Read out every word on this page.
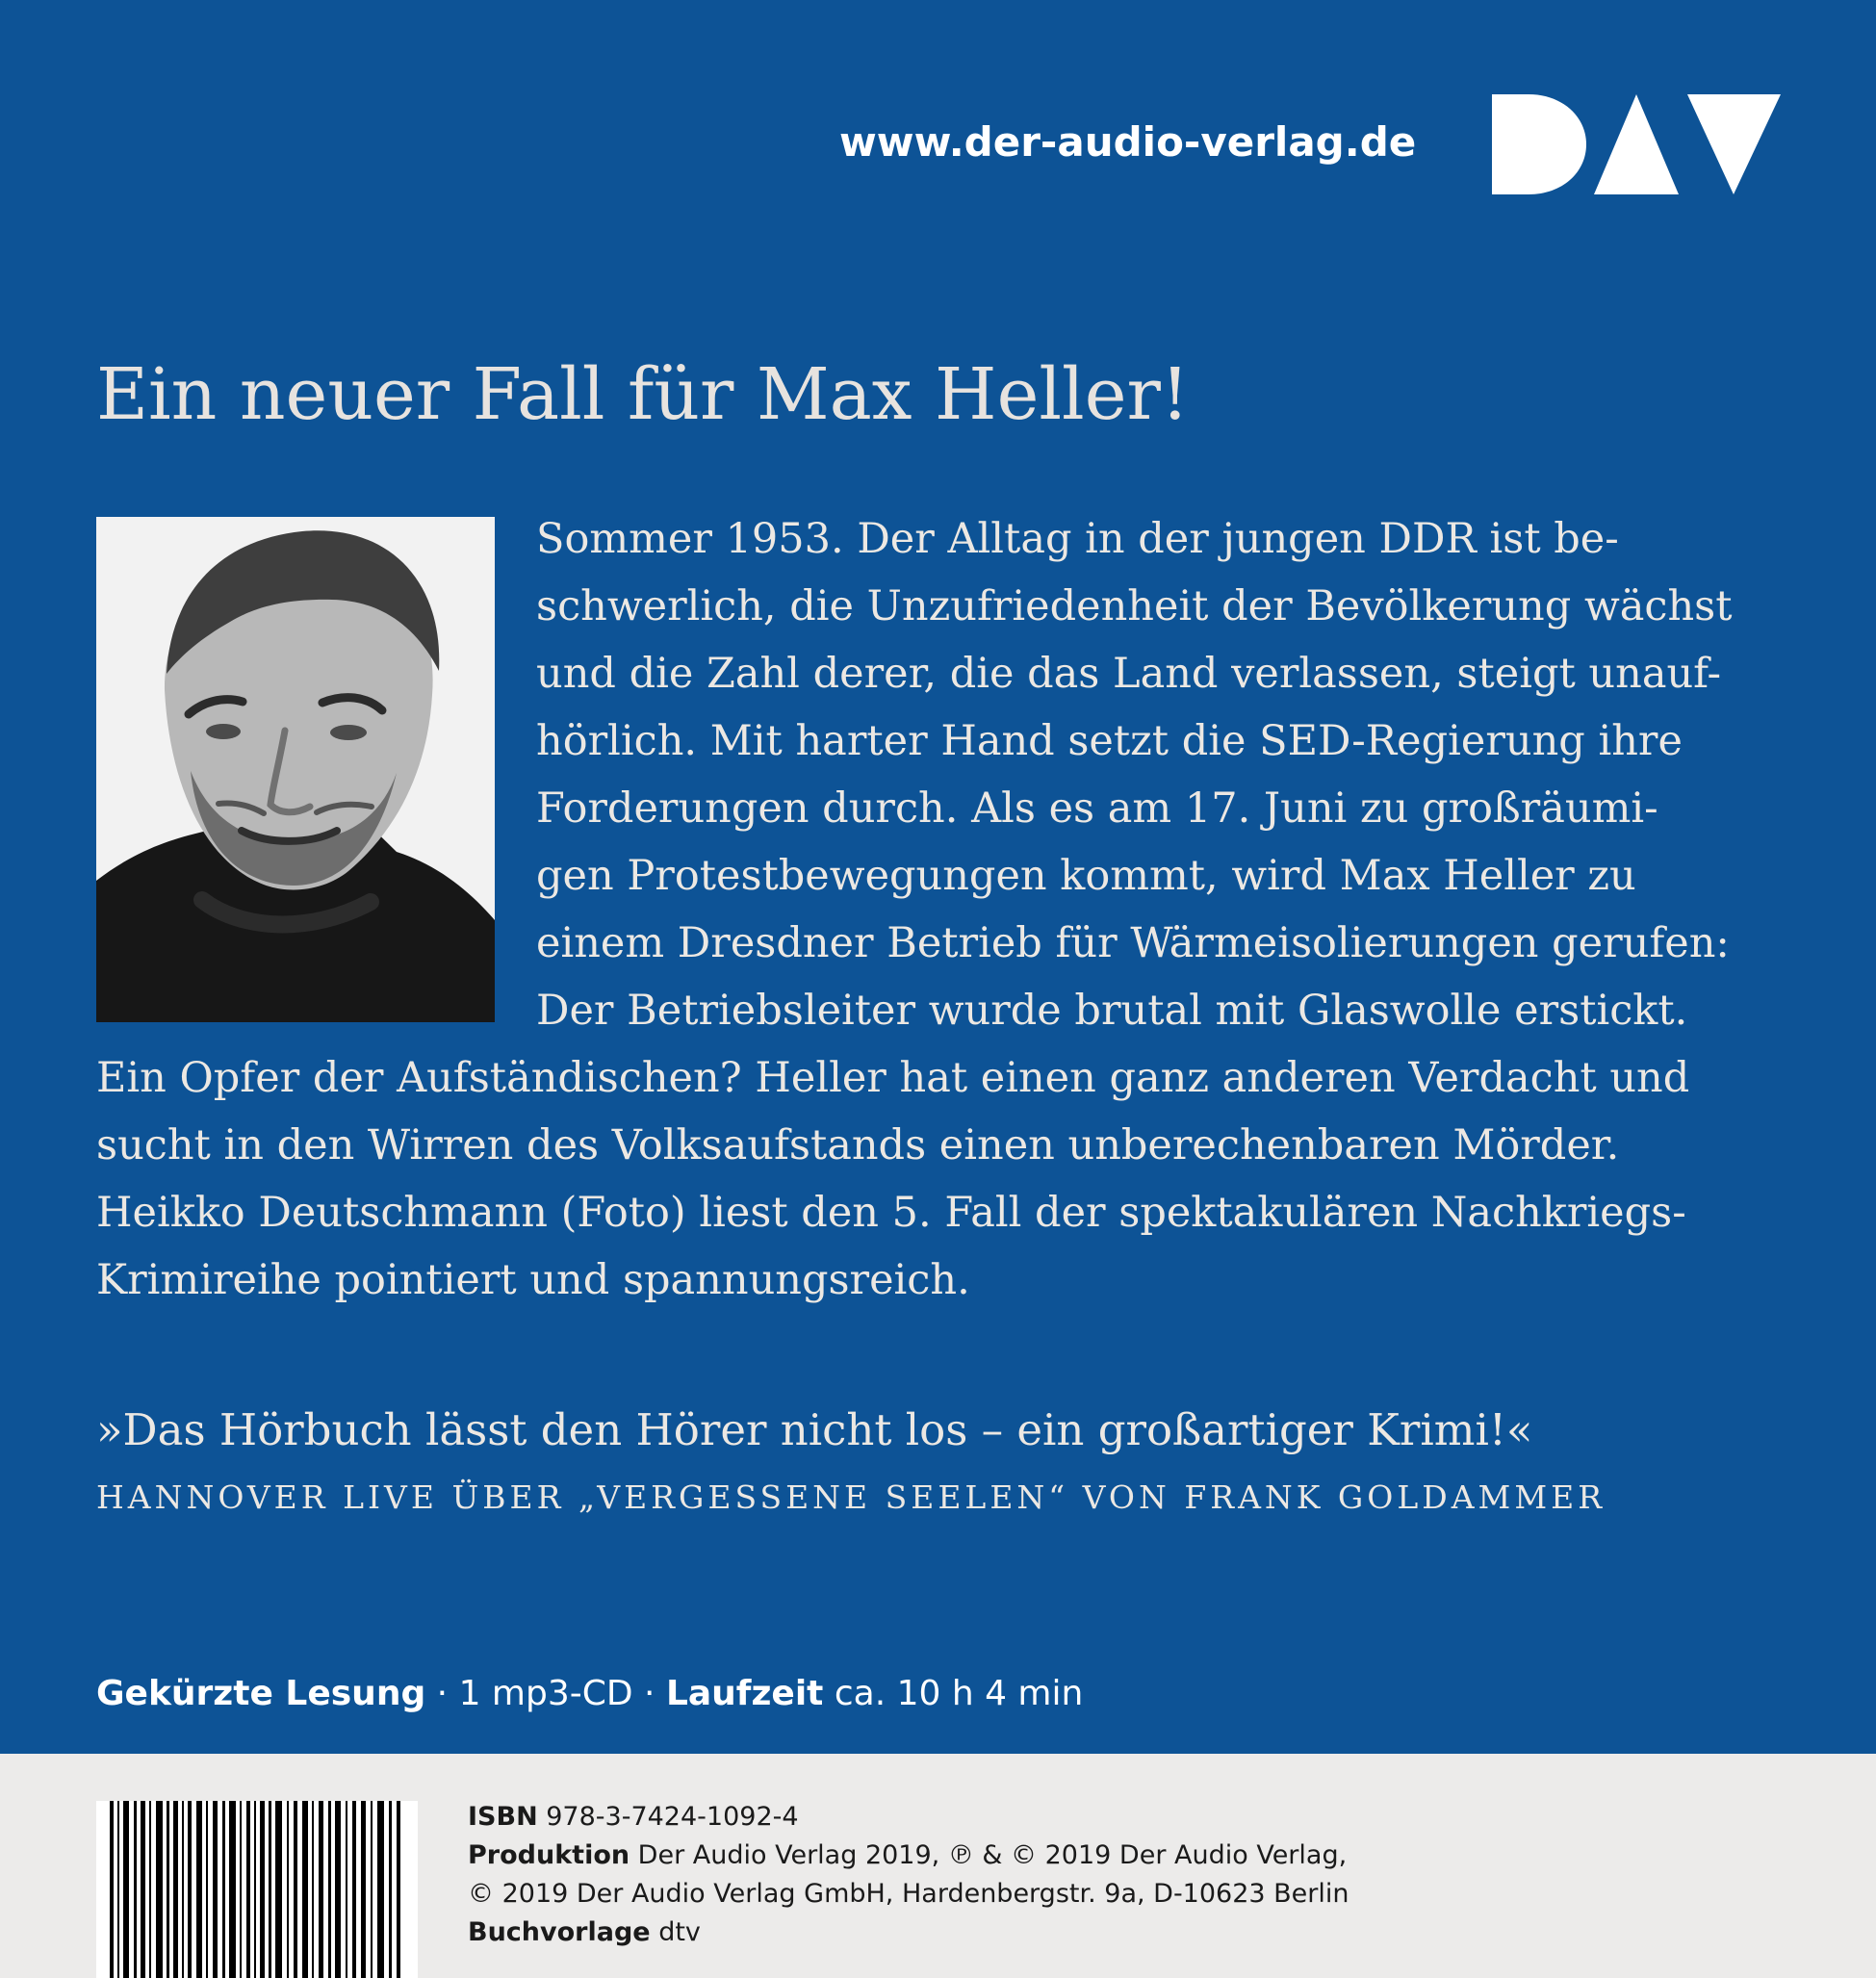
www.der-audio-verlag.de
Ein neuer Fall für Max Heller!
Sommer 1953. Der Alltag in der jungen DDR ist be-
schwerlich, die Unzufriedenheit der Bevölkerung wächst
und die Zahl derer, die das Land verlassen, steigt unauf-
hörlich. Mit harter Hand setzt die SED-Regierung ihre
Forderungen durch. Als es am 17. Juni zu großräumi-
gen Protestbewegungen kommt, wird Max Heller zu
einem Dresdner Betrieb für Wärmeisolierungen gerufen:
Der Betriebsleiter wurde brutal mit Glaswolle erstickt.
Ein Opfer der Aufständischen? Heller hat einen ganz anderen Verdacht und
sucht in den Wirren des Volksaufstands einen unberechenbaren Mörder.
Heikko Deutschmann (Foto) liest den 5. Fall der spektakulären Nachkriegs-
Krimireihe pointiert und spannungsreich.
»Das Hörbuch lässt den Hörer nicht los – ein großartiger Krimi!«
HANNOVER LIVE ÜBER „VERGESSENE SEELEN“ VON FRANK GOLDAMMER
Gekürzte Lesung · 1 mp3-CD · Laufzeit ca. 10 h 4 min
ISBN 978-3-7424-1092-4
Produktion Der Audio Verlag 2019, ℗ & © 2019 Der Audio Verlag,
© 2019 Der Audio Verlag GmbH, Hardenbergstr. 9a, D-10623 Berlin
Buchvorlage dtv
